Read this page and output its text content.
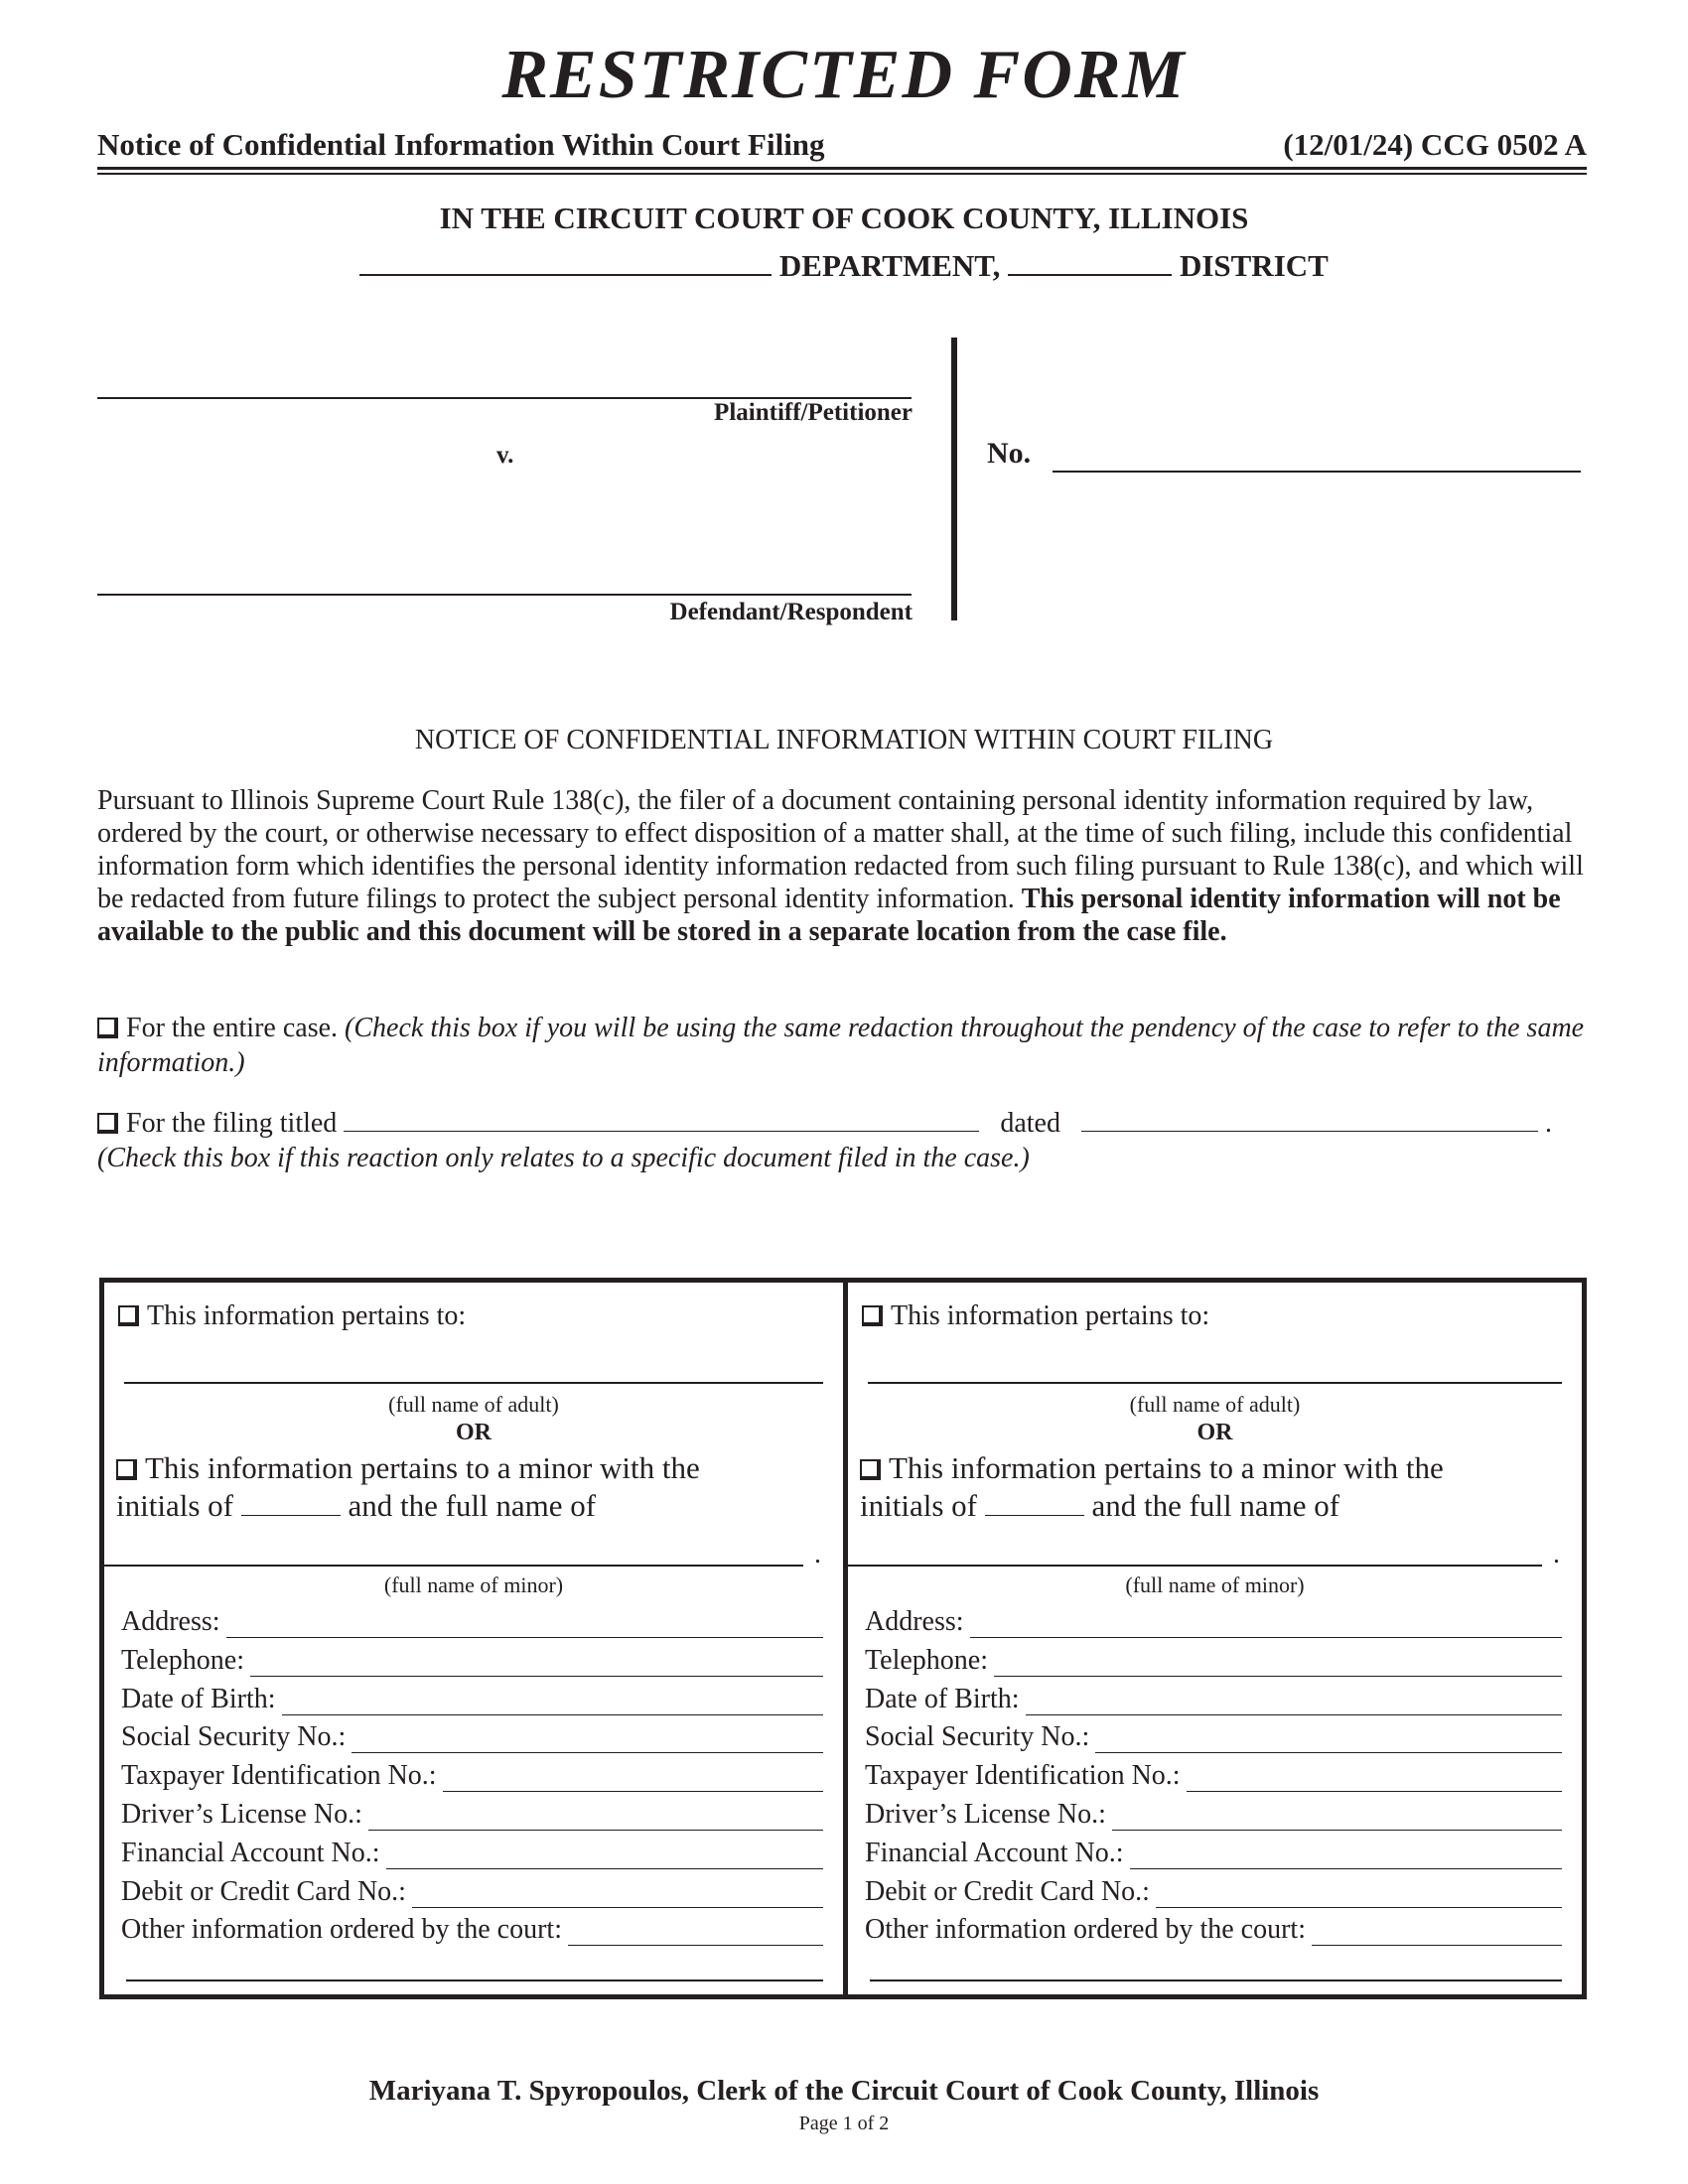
RESTRICTED FORM
Notice of Confidential Information Within Court Filing	(12/01/24) CCG 0502 A
IN THE CIRCUIT COURT OF COOK COUNTY, ILLINOIS
DEPARTMENT,	DISTRICT
Plaintiff/Petitioner
v.
Defendant/Respondent
No.
NOTICE OF CONFIDENTIAL INFORMATION WITHIN COURT FILING
Pursuant to Illinois Supreme Court Rule 138(c), the filer of a document containing personal identity information required by law, ordered by the court, or otherwise necessary to effect disposition of a matter shall, at the time of such filing, include this confidential information form which identifies the personal identity information redacted from such filing pursuant to Rule 138(c), and which will be redacted from future filings to protect the subject personal identity information. This personal identity information will not be available to the public and this document will be stored in a separate location from the case file.
For the entire case. (Check this box if you will be using the same redaction throughout the pendency of the case to refer to the same information.)
For the filing titled	dated	.
(Check this box if this reaction only relates to a specific document filed in the case.)
This information pertains to:
(full name of adult)
OR
This information pertains to a minor with the
initials of	and the full name of
.
(full name of minor)
Address:
Telephone:
Date of Birth:
Social Security No.:
Taxpayer Identification No.:
Driver’s License No.:
Financial Account No.:
Debit or Credit Card No.:
Other information ordered by the court:
This information pertains to:
(full name of adult)
OR
This information pertains to a minor with the
initials of	and the full name of
.
(full name of minor)
Address:
Telephone:
Date of Birth:
Social Security No.:
Taxpayer Identification No.:
Driver’s License No.:
Financial Account No.:
Debit or Credit Card No.:
Other information ordered by the court:
Mariyana T. Spyropoulos, Clerk of the Circuit Court of Cook County, Illinois
Page 1 of 2
